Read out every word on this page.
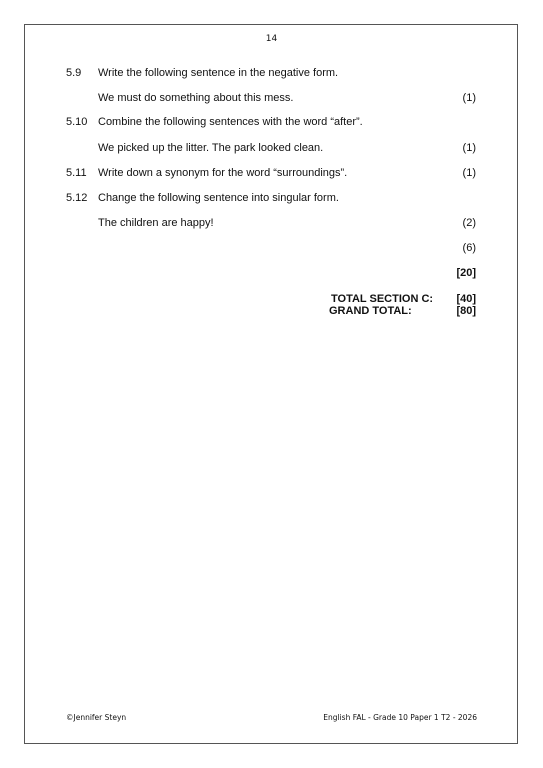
14
5.9 Write the following sentence in the negative form.
We must do something about this mess.	(1)
5.10 Combine the following sentences with the word “after”.
We picked up the litter. The park looked clean.	(1)
5.11 Write down a synonym for the word “surroundings”.	(1)
5.12 Change the following sentence into singular form.
The children are happy!	(2)
(6)
[20]
TOTAL SECTION C: [40]
GRAND TOTAL:	[80]
©Jennifer Steyn	English FAL - Grade 10 Paper 1 T2 - 2026
